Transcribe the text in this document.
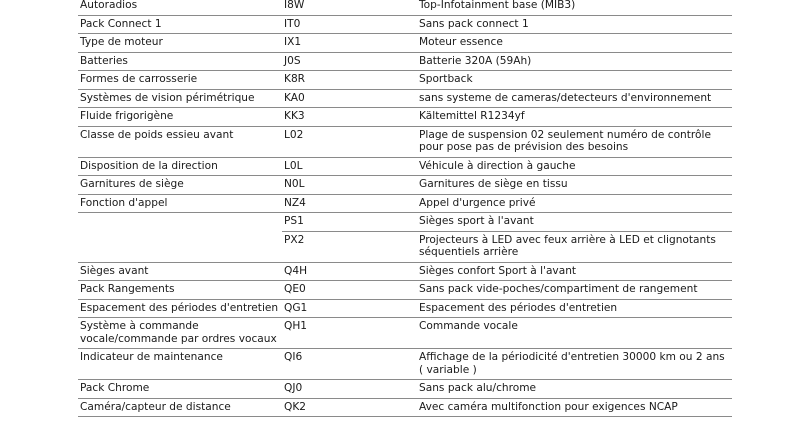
Autoradios	I8W	Top-Infotainment base (MIB3)
Pack Connect 1	IT0	Sans pack connect 1
Type de moteur	IX1	Moteur essence
Batteries	J0S	Batterie 320A (59Ah)
Formes de carrosserie	K8R	Sportback
Systèmes de vision périmétrique	KA0	sans systeme de cameras/detecteurs d'environnement
Fluide frigorigène	KK3	Kältemittel R1234yf
Classe de poids essieu avant	L02	Plage de suspension 02 seulement numéro de contrôle pour pose pas de prévision des besoins
Disposition de la direction	L0L	Véhicule à direction à gauche
Garnitures de siège	N0L	Garnitures de siège en tissu
Fonction d'appel	NZ4	Appel d'urgence privé
	PS1	Sièges sport à l'avant
	PX2	Projecteurs à LED avec feux arrière à LED et clignotants séquentiels arrière
Sièges avant	Q4H	Sièges confort Sport à l'avant
Pack Rangements	QE0	Sans pack vide-poches/compartiment de rangement
Espacement des périodes d'entretien	QG1	Espacement des périodes d'entretien
Système à commande vocale/commande par ordres vocaux	QH1	Commande vocale
Indicateur de maintenance	QI6	Affichage de la périodicité d'entretien 30000 km ou 2 ans ( variable )
Pack Chrome	QJ0	Sans pack alu/chrome
Caméra/capteur de distance	QK2	Avec caméra multifonction pour exigences NCAP
